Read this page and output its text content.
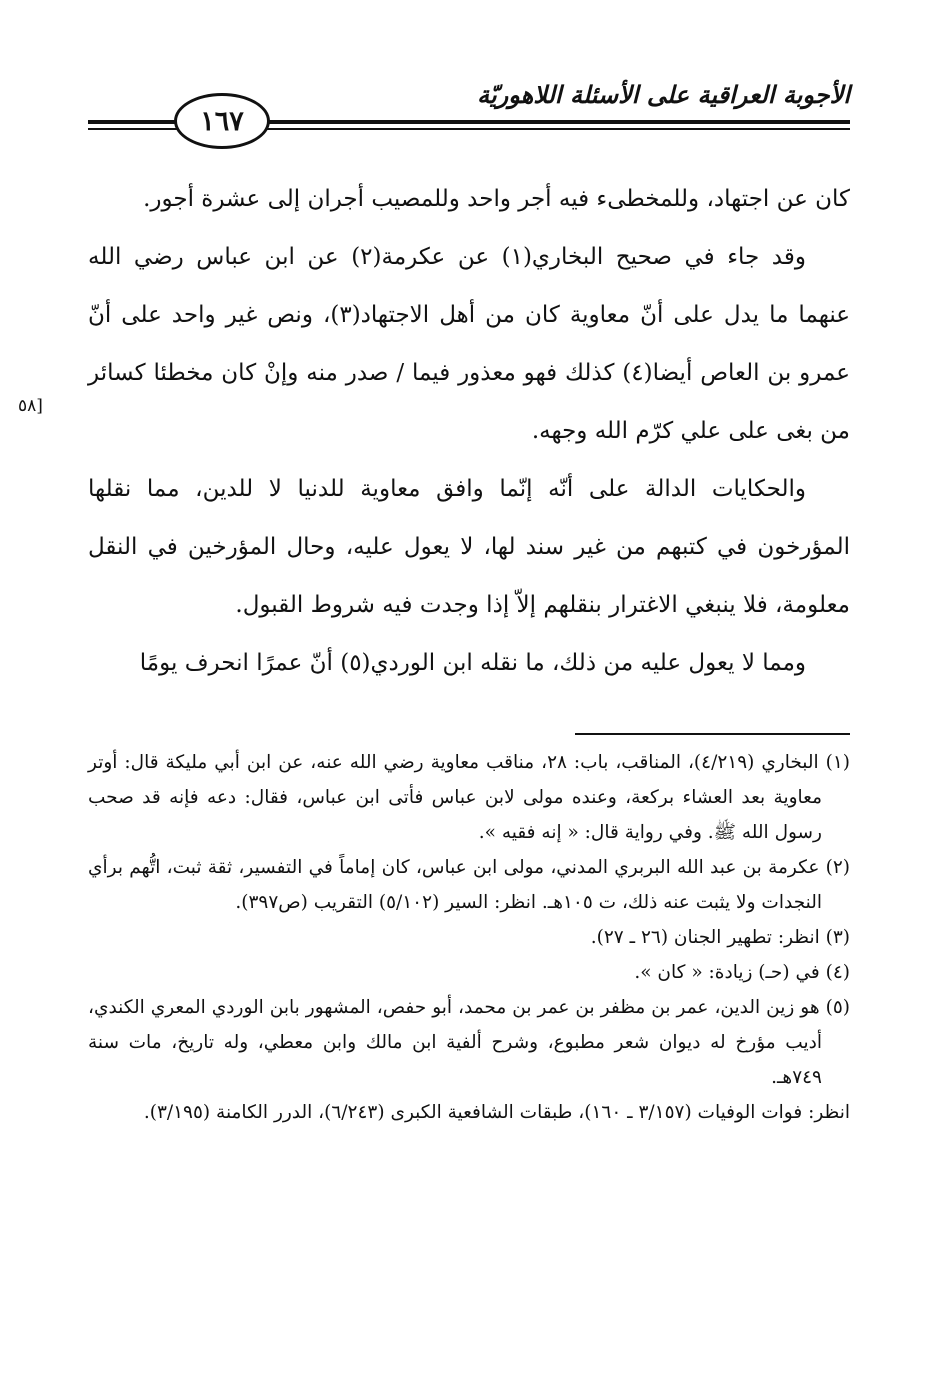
الأجوبة العراقية على الأسئلة اللاهوريّة
١٦٧
[٥٨

كان عن اجتهاد، وللمخطىء فيه أجر واحد وللمصيب أجران إلى عشرة أجور.

وقد جاء في صحيح البخاري(١) عن عكرمة(٢) عن ابن عباس رضي الله عنهما ما يدل على أنّ معاوية كان من أهل الاجتهاد(٣)، ونص غير واحد على أنّ عمرو بن العاص أيضا(٤) كذلك فهو معذور فيما / صدر منه وإنْ كان مخطئا كسائر من بغى على علي كرّم الله وجهه.

والحكايات الدالة على أنّه إنّما وافق معاوية للدنيا لا للدين، مما نقلها المؤرخون في كتبهم من غير سند لها، لا يعول عليه، وحال المؤرخين في النقل معلومة، فلا ينبغي الاغترار بنقلهم إلاّ إذا وجدت فيه شروط القبول.

ومما لا يعول عليه من ذلك، ما نقله ابن الوردي(٥) أنّ عمرًا انحرف يومًا

(١) البخاري (٤/٢١٩)، المناقب، باب: ٢٨، مناقب معاوية رضي الله عنه، عن ابن أبي مليكة قال: أوتر معاوية بعد العشاء بركعة، وعنده مولى لابن عباس فأتى ابن عباس، فقال: دعه فإنه قد صحب رسول الله ﷺ. وفي رواية قال: « إنه فقيه ».

(٢) عكرمة بن عبد الله البربري المدني، مولى ابن عباس، كان إماماً في التفسير، ثقة ثبت، اتُّهم برأي النجدات ولا يثبت عنه ذلك، ت ١٠٥هـ. انظر: السير (٥/١٠٢) التقريب (ص٣٩٧).

(٣) انظر: تطهير الجنان (٢٦ ـ ٢٧).

(٤) في (حـ) زيادة: « كان ».

(٥) هو زين الدين، عمر بن مظفر بن عمر بن محمد، أبو حفص، المشهور بابن الوردي المعري الكندي، أديب مؤرخ له ديوان شعر مطبوع، وشرح ألفية ابن مالك وابن معطي، وله تاريخ، مات سنة ٧٤٩هـ.

انظر: فوات الوفيات (٣/١٥٧ ـ ١٦٠)، طبقات الشافعية الكبرى (٦/٢٤٣)، الدرر الكامنة (٣/١٩٥).
